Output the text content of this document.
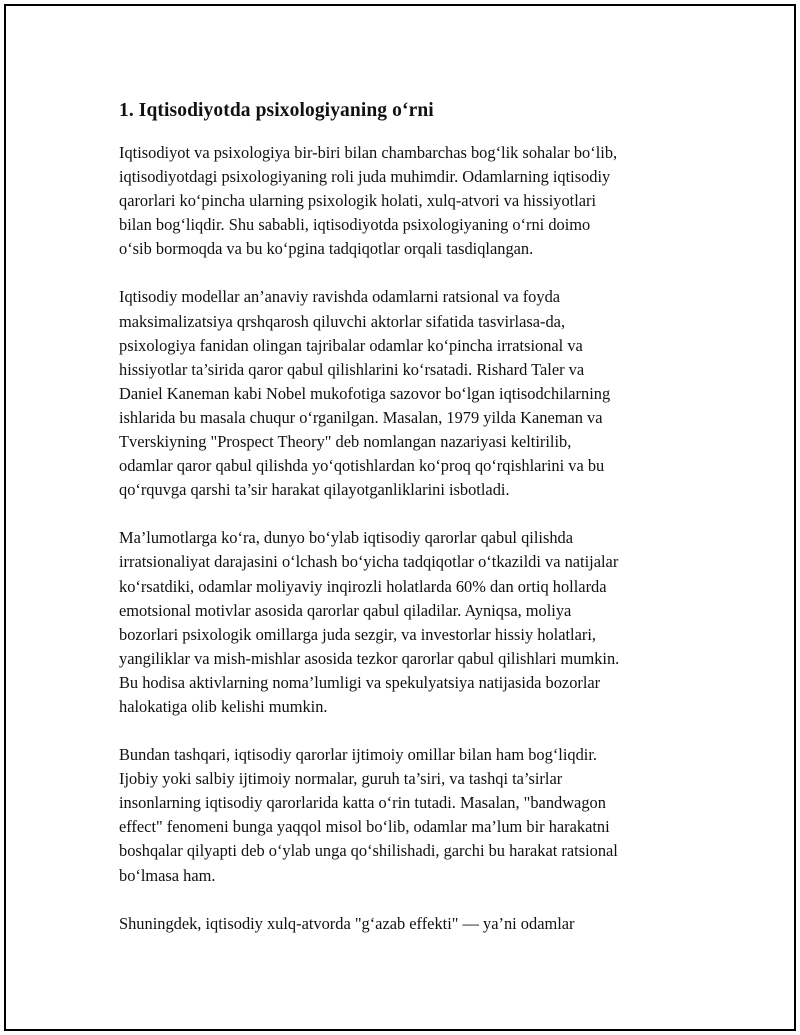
1. Iqtisodiyotda psixologiyaning o‘rni
Iqtisodiyot va psixologiya bir-biri bilan chambarchas bog‘lik sohalar bo‘lib,
iqtisodiyotdagi psixologiyaning roli juda muhimdir. Odamlarning iqtisodiy
qarorlari ko‘pincha ularning psixologik holati, xulq-atvori va hissiyotlari
bilan bog‘liqdir. Shu sababli, iqtisodiyotda psixologiyaning o‘rni doimo
o‘sib bormoqda va bu ko‘pgina tadqiqotlar orqali tasdiqlangan.
Iqtisodiy modellar an’anaviy ravishda odamlarni ratsional va foyda
maksimalizatsiya qrshqarosh qiluvchi aktorlar sifatida tasvirlasa-da,
psixologiya fanidan olingan tajribalar odamlar ko‘pincha irratsional va
hissiyotlar ta’sirida qaror qabul qilishlarini ko‘rsatadi. Rishard Taler va
Daniel Kaneman kabi Nobel mukofotiga sazovor bo‘lgan iqtisodchilarning
ishlarida bu masala chuqur o‘rganilgan. Masalan, 1979 yilda Kaneman va
Tverskiyning "Prospect Theory" deb nomlangan nazariyasi keltirilib,
odamlar qaror qabul qilishda yo‘qotishlardan ko‘proq qo‘rqishlarini va bu
qo‘rquvga qarshi ta’sir harakat qilayotganliklarini isbotladi.
Ma’lumotlarga ko‘ra, dunyo bo‘ylab iqtisodiy qarorlar qabul qilishda
irratsionaliyat darajasini o‘lchash bo‘yicha tadqiqotlar o‘tkazildi va natijalar
ko‘rsatdiki, odamlar moliyaviy inqirozli holatlarda 60% dan ortiq hollarda
emotsional motivlar asosida qarorlar qabul qiladilar. Ayniqsa, moliya
bozorlari psixologik omillarga juda sezgir, va investorlar hissiy holatlari,
yangiliklar va mish-mishlar asosida tezkor qarorlar qabul qilishlari mumkin.
Bu hodisa aktivlarning noma’lumligi va spekulyatsiya natijasida bozorlar
halokatiga olib kelishi mumkin.
Bundan tashqari, iqtisodiy qarorlar ijtimoiy omillar bilan ham bog‘liqdir.
Ijobiy yoki salbiy ijtimoiy normalar, guruh ta’siri, va tashqi ta’sirlar
insonlarning iqtisodiy qarorlarida katta o‘rin tutadi. Masalan, "bandwagon
effect" fenomeni bunga yaqqol misol bo‘lib, odamlar ma’lum bir harakatni
boshqalar qilyapti deb o‘ylab unga qo‘shilishadi, garchi bu harakat ratsional
bo‘lmasa ham.
Shuningdek, iqtisodiy xulq-atvorda "g‘azab effekti" — ya’ni odamlar
